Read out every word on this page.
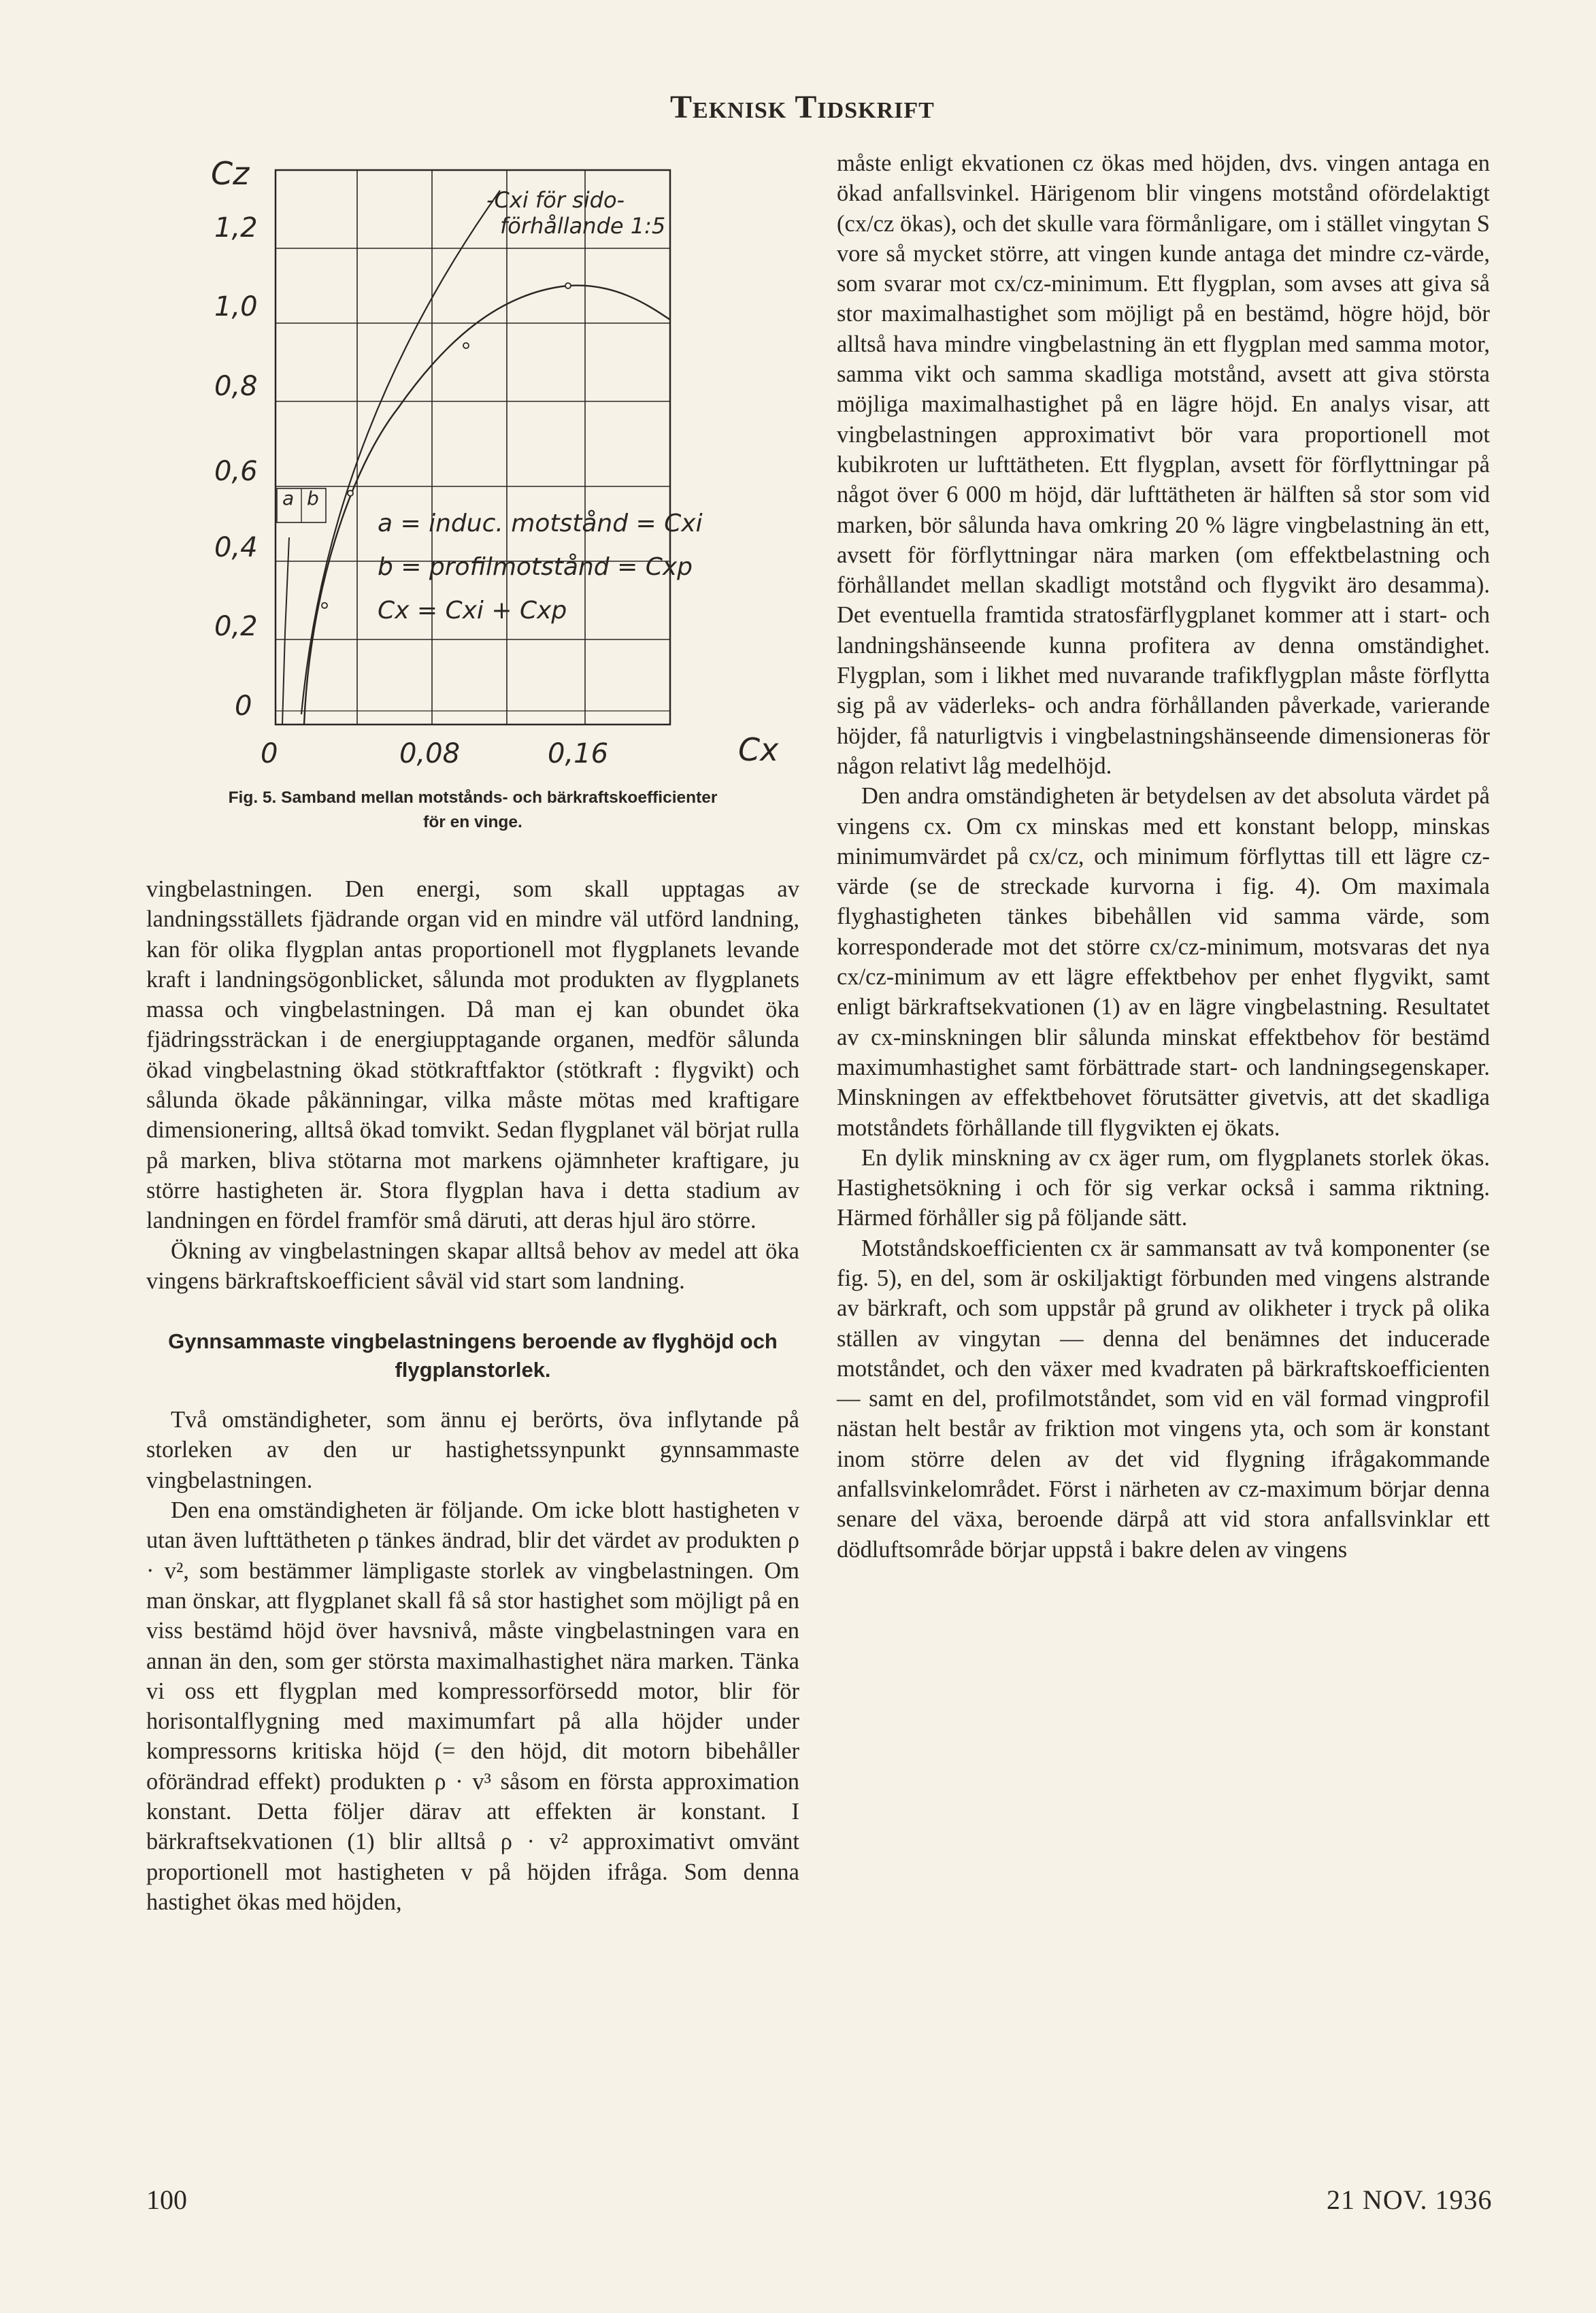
Teknisk Tidskrift
Cz
Cx
1,2
1,0
0,8
0,6
0,4
0,2
0
0	0,08	0,16
-Cxi för sido-
förhållande 1:5
a b
a = induc. motstånd = Cxi
b = profilmotstånd = Cxp
Cx = Cxi + Cxp
Fig. 5. Samband mellan motstånds- och bärkraftskoefficienter
för en vinge.

vingbelastningen. Den energi, som skall upptagas av landningsställets fjädrande organ vid en mindre väl utförd landning, kan för olika flygplan antas proportionell mot flygplanets levande kraft i landningsögonblicket, sålunda mot produkten av flygplanets massa och vingbelastningen. Då man ej kan obundet öka fjädringssträckan i de energiupptagande organen, medför sålunda ökad vingbelastning ökad stötkraftfaktor (stötkraft : flygvikt) och sålunda ökade påkänningar, vilka måste mötas med kraftigare dimensionering, alltså ökad tomvikt. Sedan flygplanet väl börjat rulla på marken, bliva stötarna mot markens ojämnheter kraftigare, ju större hastigheten är. Stora flygplan hava i detta stadium av landningen en fördel framför små däruti, att deras hjul äro större.

Ökning av vingbelastningen skapar alltså behov av medel att öka vingens bärkraftskoefficient såväl vid start som landning.

Gynnsammaste vingbelastningens beroende av flyghöjd och flygplanstorlek.

Två omständigheter, som ännu ej berörts, öva inflytande på storleken av den ur hastighetssynpunkt gynnsammaste vingbelastningen.

Den ena omständigheten är följande. Om icke blott hastigheten v utan även lufttätheten ρ tänkes ändrad, blir det värdet av produkten ρ · v², som bestämmer lämpligaste storlek av vingbelastningen. Om man önskar, att flygplanet skall få så stor hastighet som möjligt på en viss bestämd höjd över havsnivå, måste vingbelastningen vara en annan än den, som ger största maximalhastighet nära marken. Tänka vi oss ett flygplan med kompressorförsedd motor, blir för horisontalflygning med maximumfart på alla höjder under kompressorns kritiska höjd (= den höjd, dit motorn bibehåller oförändrad effekt) produkten ρ · v³ såsom en första approximation konstant. Detta följer därav att effekten är konstant. I bärkraftsekvationen (1) blir alltså ρ · v² approximativt omvänt proportionell mot hastigheten v på höjden ifråga. Som denna hastighet ökas med höjden,

måste enligt ekvationen cz ökas med höjden, dvs. vingen antaga en ökad anfallsvinkel. Härigenom blir vingens motstånd ofördelaktigt (cx/cz ökas), och det skulle vara förmånligare, om i stället vingytan S vore så mycket större, att vingen kunde antaga det mindre cz-värde, som svarar mot cx/cz-minimum. Ett flygplan, som avses att giva så stor maximalhastighet som möjligt på en bestämd, högre höjd, bör alltså hava mindre vingbelastning än ett flygplan med samma motor, samma vikt och samma skadliga motstånd, avsett att giva största möjliga maximalhastighet på en lägre höjd. En analys visar, att vingbelastningen approximativt bör vara proportionell mot kubikroten ur lufttätheten. Ett flygplan, avsett för förflyttningar på något över 6 000 m höjd, där lufttätheten är hälften så stor som vid marken, bör sålunda hava omkring 20 % lägre vingbelastning än ett, avsett för förflyttningar nära marken (om effektbelastning och förhållandet mellan skadligt motstånd och flygvikt äro desamma). Det eventuella framtida stratosfärflygplanet kommer att i start- och landningshänseende kunna profitera av denna omständighet. Flygplan, som i likhet med nuvarande trafikflygplan måste förflytta sig på av väderleks- och andra förhållanden påverkade, varierande höjder, få naturligtvis i vingbelastningshänseende dimensioneras för någon relativt låg medelhöjd.

Den andra omständigheten är betydelsen av det absoluta värdet på vingens cx. Om cx minskas med ett konstant belopp, minskas minimumvärdet på cx/cz, och minimum förflyttas till ett lägre cz-värde (se de streckade kurvorna i fig. 4). Om maximala flyghastigheten tänkes bibehållen vid samma värde, som korresponderade mot det större cx/cz-minimum, motsvaras det nya cx/cz-minimum av ett lägre effektbehov per enhet flygvikt, samt enligt bärkraftsekvationen (1) av en lägre vingbelastning. Resultatet av cx-minskningen blir sålunda minskat effektbehov för bestämd maximumhastighet samt förbättrade start- och landningsegenskaper. Minskningen av effektbehovet förutsätter givetvis, att det skadliga motståndets förhållande till flygvikten ej ökats.

En dylik minskning av cx äger rum, om flygplanets storlek ökas. Hastighetsökning i och för sig verkar också i samma riktning. Härmed förhåller sig på följande sätt.

Motståndskoefficienten cx är sammansatt av två komponenter (se fig. 5), en del, som är oskiljaktigt förbunden med vingens alstrande av bärkraft, och som uppstår på grund av olikheter i tryck på olika ställen av vingytan — denna del benämnes det inducerade motståndet, och den växer med kvadraten på bärkraftskoefficienten — samt en del, profilmotståndet, som vid en väl formad vingprofil nästan helt består av friktion mot vingens yta, och som är konstant inom större delen av det vid flygning ifrågakommande anfallsvinkelområdet. Först i närheten av cz-maximum börjar denna senare del växa, beroende därpå att vid stora anfallsvinklar ett dödluftsområde börjar uppstå i bakre delen av vingens

100	21 NOV. 1936
